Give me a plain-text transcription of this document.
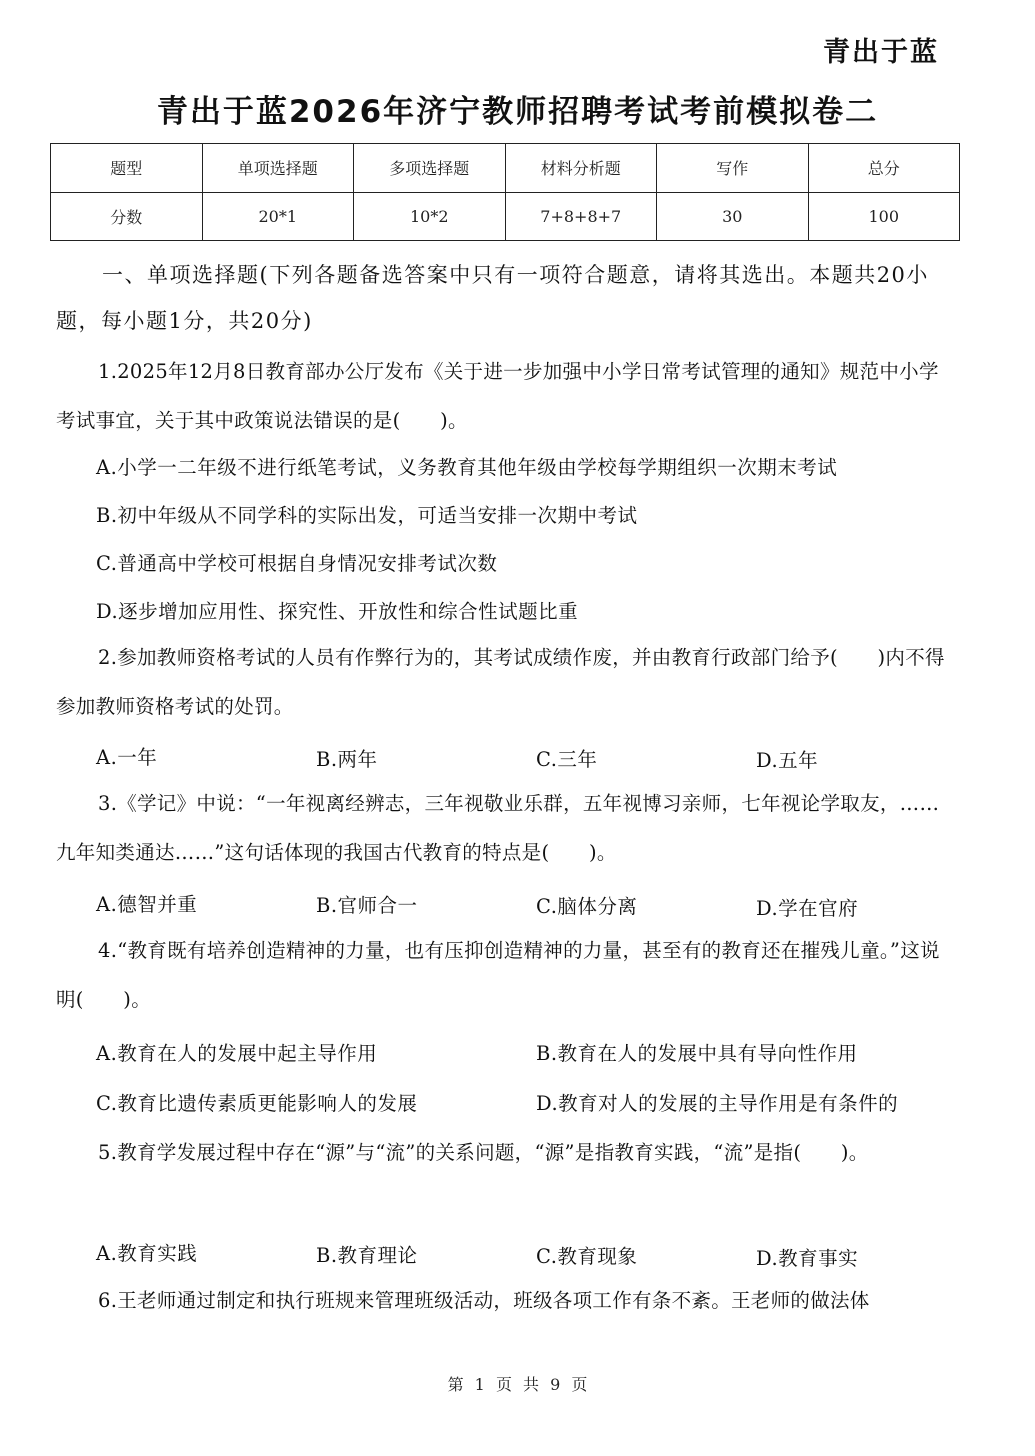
青出于蓝
青出于蓝2026年济宁教师招聘考试考前模拟卷二
题型	单项选择题	多项选择题	材料分析题	写作	总分
分数	20*1	10*2	7+8+8+7	30	100
一、单项选择题(下列各题备选答案中只有一项符合题意，请将其选出。本题共20小题，每小题1分，共20分)
1.2025年12月8日教育部办公厅发布《关于进一步加强中小学日常考试管理的通知》规范中小学考试事宜，关于其中政策说法错误的是(　　)。
A.小学一二年级不进行纸笔考试，义务教育其他年级由学校每学期组织一次期末考试
B.初中年级从不同学科的实际出发，可适当安排一次期中考试
C.普通高中学校可根据自身情况安排考试次数
D.逐步增加应用性、探究性、开放性和综合性试题比重
2.参加教师资格考试的人员有作弊行为的，其考试成绩作废，并由教育行政部门给予(　　)内不得参加教师资格考试的处罚。
A.一年	B.两年	C.三年	D.五年
3.《学记》中说：“一年视离经辨志，三年视敬业乐群，五年视博习亲师，七年视论学取友，……九年知类通达……”这句话体现的我国古代教育的特点是(　　)。
A.德智并重	B.官师合一	C.脑体分离	D.学在官府
4.“教育既有培养创造精神的力量，也有压抑创造精神的力量，甚至有的教育还在摧残儿童。”这说明(　　)。
A.教育在人的发展中起主导作用	B.教育在人的发展中具有导向性作用
C.教育比遗传素质更能影响人的发展	D.教育对人的发展的主导作用是有条件的
5.教育学发展过程中存在“源”与“流”的关系问题，“源”是指教育实践，“流”是指(　　)。
A.教育实践	B.教育理论	C.教育现象	D.教育事实
6.王老师通过制定和执行班规来管理班级活动，班级各项工作有条不紊。王老师的做法体
第 1 页 共 9 页
